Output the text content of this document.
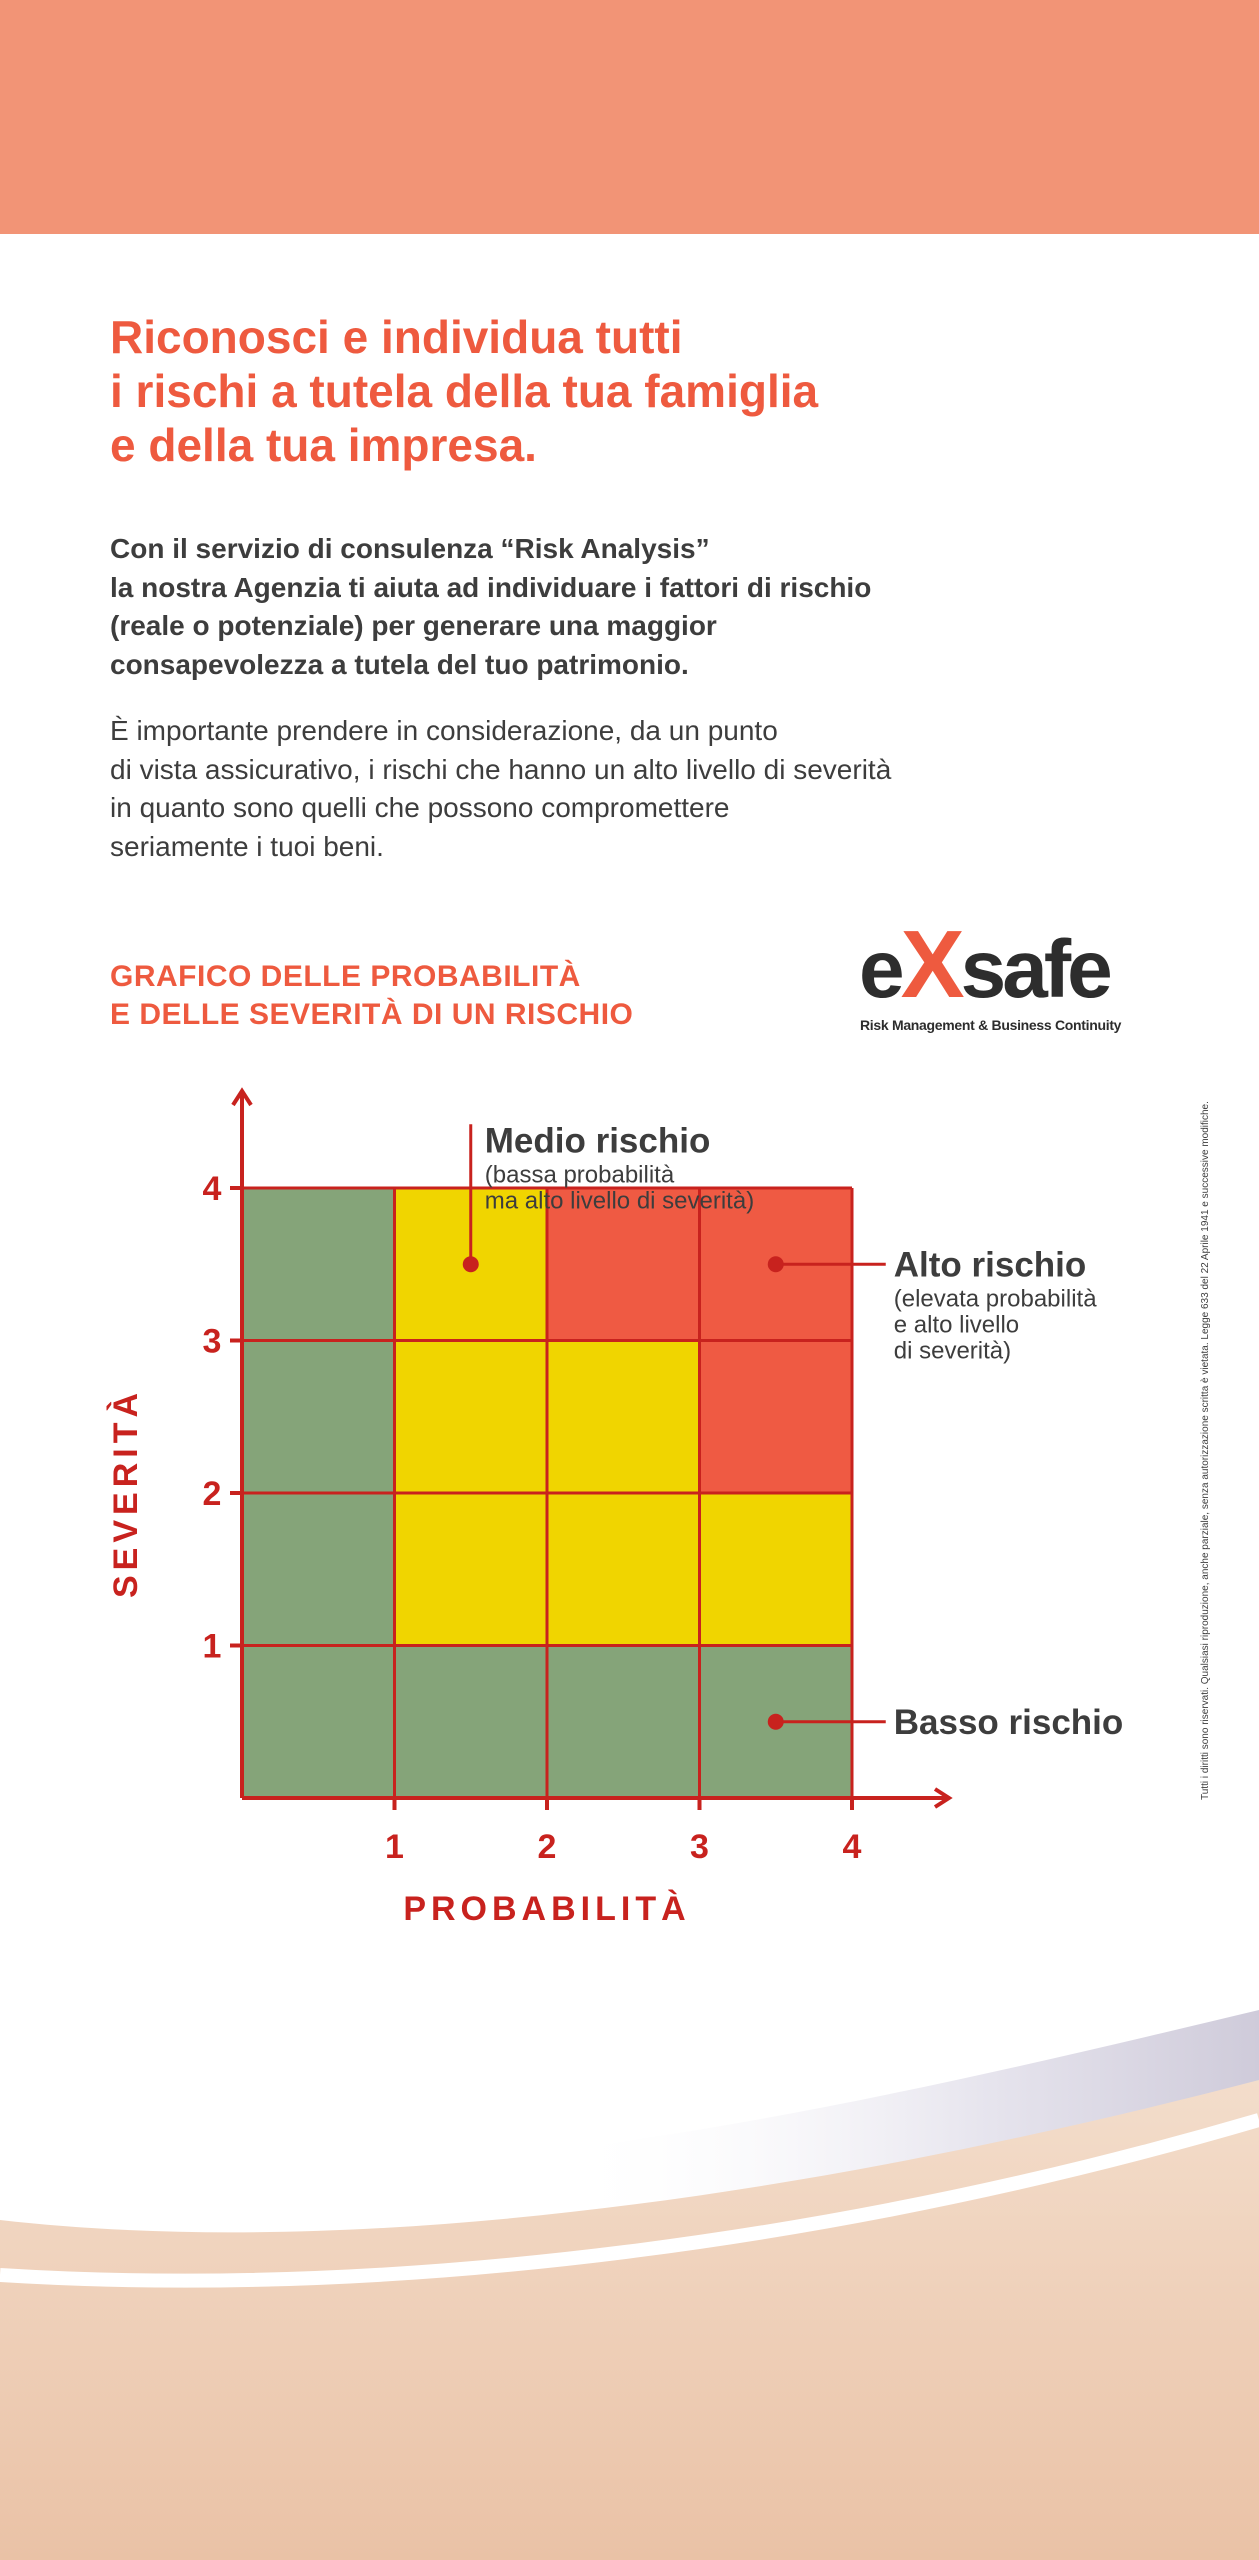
Riconosci e individua tutti
i rischi a tutela della tua famiglia
e della tua impresa.

Con il servizio di consulenza “Risk Analysis”
la nostra Agenzia ti aiuta ad individuare i fattori di rischio
(reale o potenziale) per generare una maggior
consapevolezza a tutela del tuo patrimonio.

È importante prendere in considerazione, da un punto
di vista assicurativo, i rischi che hanno un alto livello di severità
in quanto sono quelli che possono compromettere
seriamente i tuoi beni.

GRAFICO DELLE PROBABILITÀ
E DELLE SEVERITÀ DI UN RISCHIO	eXsafe
Risk Management & Business Continuity
1
2
3
4
1	2	3	4
PROBABILITÀ
SEVERITÀ
Medio rischio
(bassa probabilità
ma alto livello di severità)
Alto rischio
(elevata probabilità
e alto livello
di severità)
Basso rischio	Tutti i diritti sono riservati. Qualsiasi riproduzione, anche parziale, senza autorizzazione scritta è vietata. Legge 633 del 22 Aprile 1941 e successive modifiche.
